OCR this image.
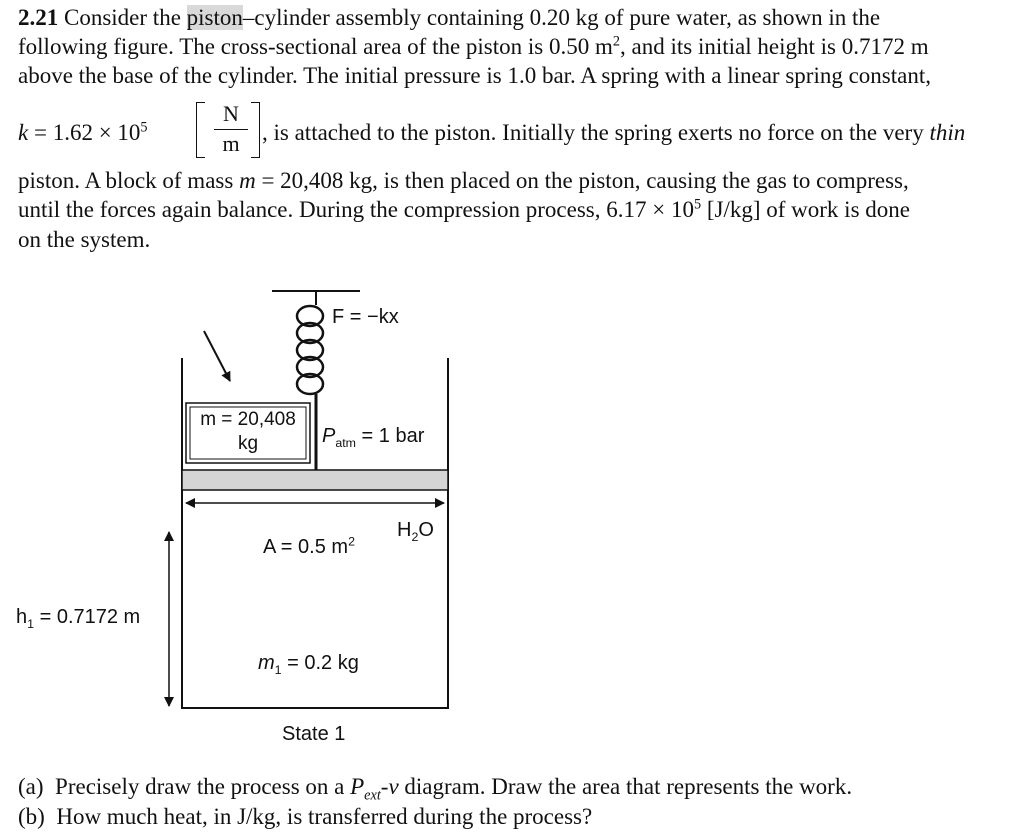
2.21 Consider the piston–cylinder assembly containing 0.20 kg of pure water, as shown in the
following figure. The cross-sectional area of the piston is 0.50 $m^2$, and its initial height is 0.7172 m
above the base of the cylinder. The initial pressure is 1.0 bar. A spring with a linear spring constant,
$k = 1.62 \times 10^5$
N
m , is attached to the piston. Initially the spring exerts no force on the very thin
piston. A block of mass m = 20,408 kg, is then placed on the piston, causing the gas to compress,
until the forces again balance. During the compression process, $6.17 \times 10^5$ [J/kg] of work is done
on the system.
F = −kx
m = 20,408
kg	$P_{atm} = 1$ bar
$H_2O$
A = 0.5 $m^2$
$h_1 = 0.7172$ m
$m_1 = 0.2$ kg
State 1
(a) Precisely draw the process on a $P_{ext}-v$ diagram. Draw the area that represents the work.
(b) How much heat, in J/kg, is transferred during the process?
